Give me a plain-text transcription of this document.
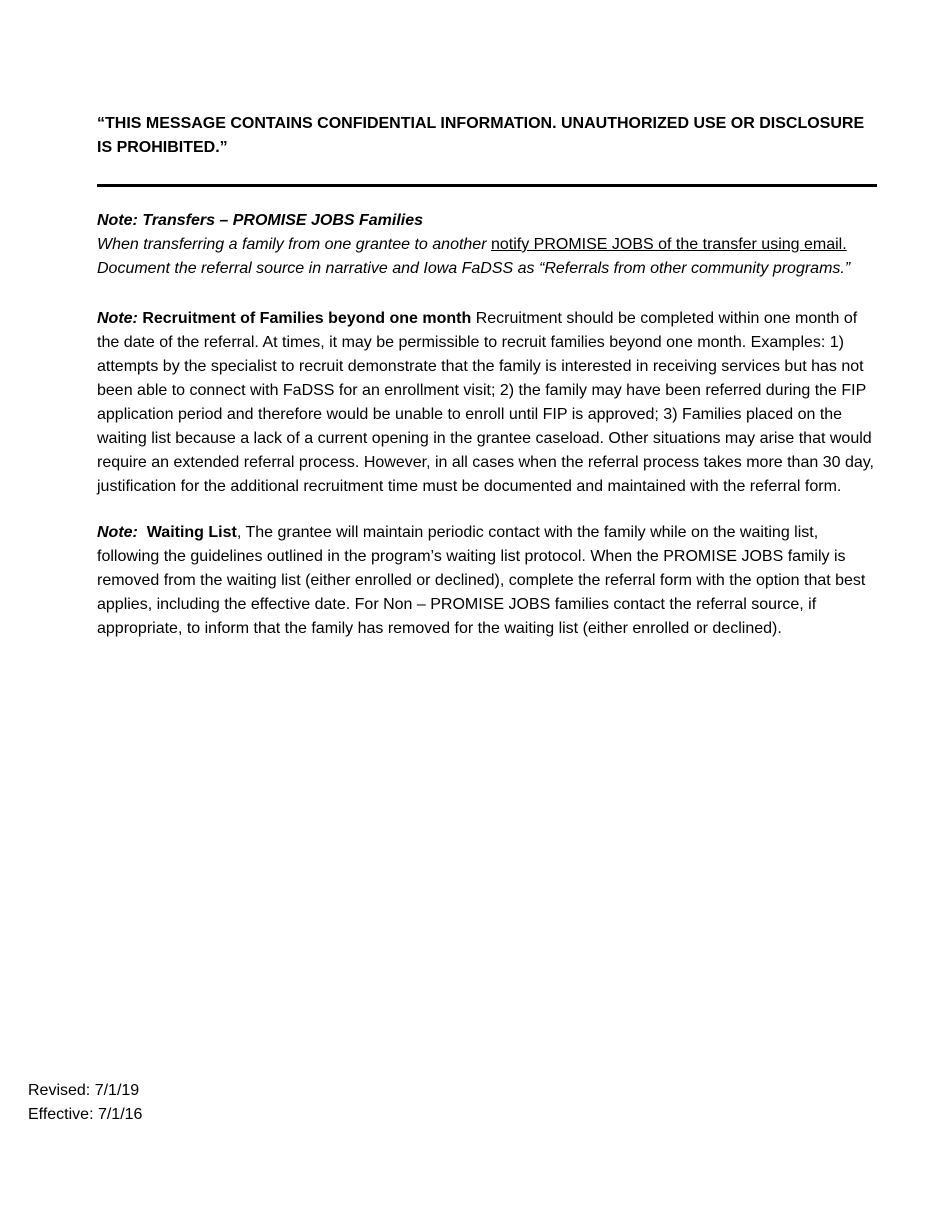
“THIS MESSAGE CONTAINS CONFIDENTIAL INFORMATION. UNAUTHORIZED USE OR DISCLOSURE IS PROHIBITED.”

Note: Transfers – PROMISE JOBS Families
When transferring a family from one grantee to another notify PROMISE JOBS of the transfer using email.
Document the referral source in narrative and Iowa FaDSS as “Referrals from other community programs.”

Note: Recruitment of Families beyond one month Recruitment should be completed within one month of the date of the referral. At times, it may be permissible to recruit families beyond one month. Examples: 1) attempts by the specialist to recruit demonstrate that the family is interested in receiving services but has not been able to connect with FaDSS for an enrollment visit; 2) the family may have been referred during the FIP application period and therefore would be unable to enroll until FIP is approved; 3) Families placed on the waiting list because a lack of a current opening in the grantee caseload. Other situations may arise that would require an extended referral process. However, in all cases when the referral process takes more than 30 day, justification for the additional recruitment time must be documented and maintained with the referral form.

Note:  Waiting List, The grantee will maintain periodic contact with the family while on the waiting list, following the guidelines outlined in the program’s waiting list protocol. When the PROMISE JOBS family is removed from the waiting list (either enrolled or declined), complete the referral form with the option that best applies, including the effective date. For Non – PROMISE JOBS families contact the referral source, if appropriate, to inform that the family has removed for the waiting list (either enrolled or declined).

Revised: 7/1/19
Effective: 7/1/16
